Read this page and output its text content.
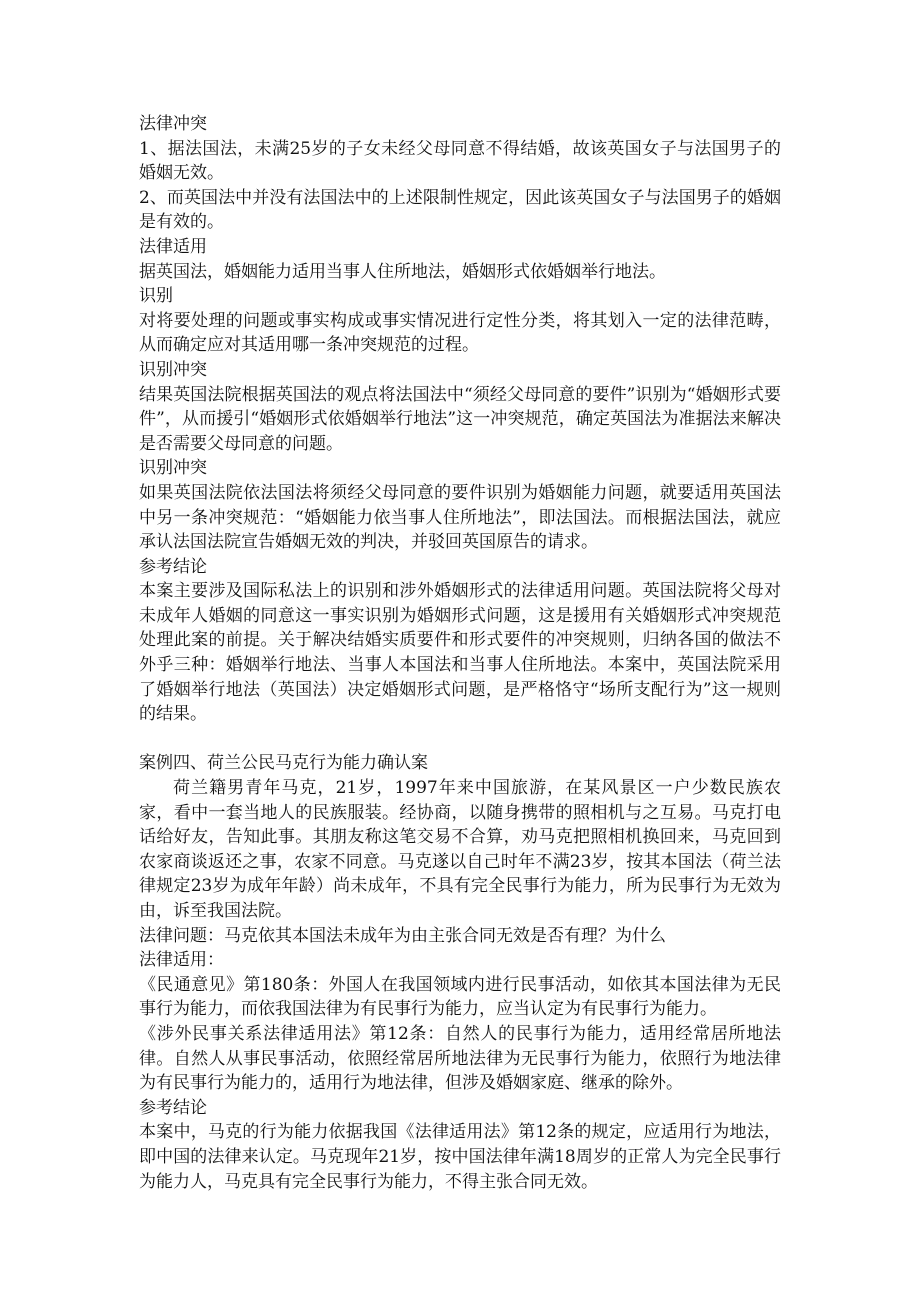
法律冲突

1、据法国法，未满25岁的子女未经父母同意不得结婚，故该英国女子与法国男子的婚姻无效。

2、而英国法中并没有法国法中的上述限制性规定，因此该英国女子与法国男子的婚姻是有效的。

法律适用

据英国法，婚姻能力适用当事人住所地法，婚姻形式依婚姻举行地法。

识别

对将要处理的问题或事实构成或事实情况进行定性分类，将其划入一定的法律范畴，从而确定应对其适用哪一条冲突规范的过程。

识别冲突

结果英国法院根据英国法的观点将法国法中“须经父母同意的要件”识别为“婚姻形式要件”，从而援引“婚姻形式依婚姻举行地法”这一冲突规范，确定英国法为准据法来解决是否需要父母同意的问题。

识别冲突

如果英国法院依法国法将须经父母同意的要件识别为婚姻能力问题，就要适用英国法中另一条冲突规范：“婚姻能力依当事人住所地法”，即法国法。而根据法国法，就应承认法国法院宣告婚姻无效的判决，并驳回英国原告的请求。

参考结论

本案主要涉及国际私法上的识别和涉外婚姻形式的法律适用问题。英国法院将父母对未成年人婚姻的同意这一事实识别为婚姻形式问题，这是援用有关婚姻形式冲突规范处理此案的前提。关于解决结婚实质要件和形式要件的冲突规则，归纳各国的做法不外乎三种：婚姻举行地法、当事人本国法和当事人住所地法。本案中，英国法院采用了婚姻举行地法（英国法）决定婚姻形式问题，是严格恪守“场所支配行为”这一规则的结果。

案例四、荷兰公民马克行为能力确认案

荷兰籍男青年马克，21岁，1997年来中国旅游，在某风景区一户少数民族农家，看中一套当地人的民族服装。经协商，以随身携带的照相机与之互易。马克打电话给好友，告知此事。其朋友称这笔交易不合算，劝马克把照相机换回来，马克回到农家商谈返还之事，农家不同意。马克遂以自己时年不满23岁，按其本国法（荷兰法律规定23岁为成年年龄）尚未成年，不具有完全民事行为能力，所为民事行为无效为由，诉至我国法院。

法律问题：马克依其本国法未成年为由主张合同无效是否有理？为什么

法律适用：

《民通意见》第180条：外国人在我国领域内进行民事活动，如依其本国法律为无民事行为能力，而依我国法律为有民事行为能力，应当认定为有民事行为能力。

《涉外民事关系法律适用法》第12条：自然人的民事行为能力，适用经常居所地法律。自然人从事民事活动，依照经常居所地法律为无民事行为能力，依照行为地法律为有民事行为能力的，适用行为地法律，但涉及婚姻家庭、继承的除外。

参考结论

本案中，马克的行为能力依据我国《法律适用法》第12条的规定，应适用行为地法，即中国的法律来认定。马克现年21岁，按中国法律年满18周岁的正常人为完全民事行为能力人，马克具有完全民事行为能力，不得主张合同无效。
